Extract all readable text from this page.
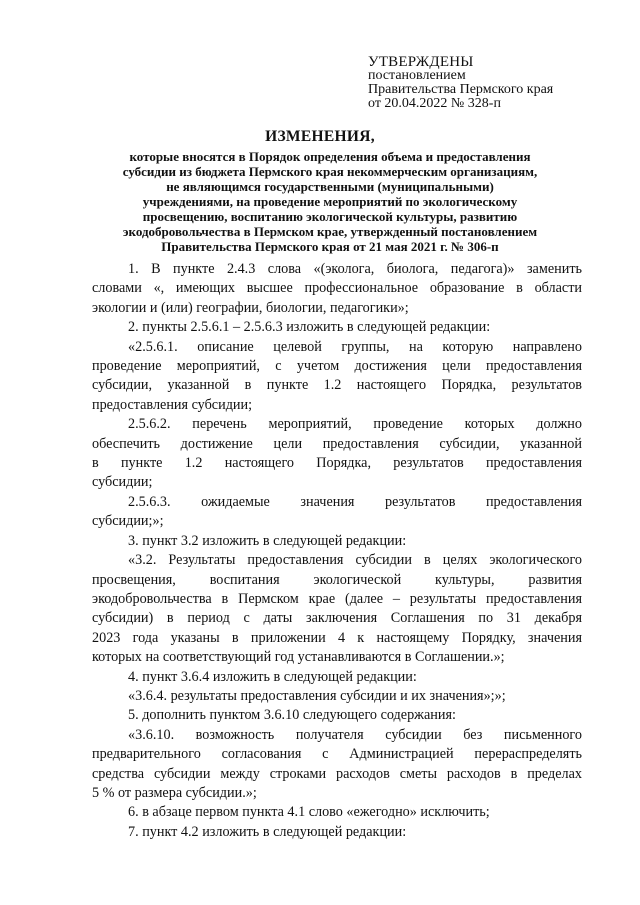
УТВЕРЖДЕНЫ
постановлением
Правительства Пермского края
от 20.04.2022 № 328-п
ИЗМЕНЕНИЯ,
которые вносятся в Порядок определения объема и предоставления
субсидии из бюджета Пермского края некоммерческим организациям,
не являющимся государственными (муниципальными)
учреждениями, на проведение мероприятий по экологическому
просвещению, воспитанию экологической культуры, развитию
экодобровольчества в Пермском крае, утвержденный постановлением
Правительства Пермского края от 21 мая 2021 г. № 306-п
1. В пункте 2.4.3 слова «(эколога, биолога, педагога)» заменить
словами «, имеющих высшее профессиональное образование в области
экологии и (или) географии, биологии, педагогики»;
2. пункты 2.5.6.1 – 2.5.6.3 изложить в следующей редакции:
«2.5.6.1. описание целевой группы, на которую направлено
проведение мероприятий, с учетом достижения цели предоставления
субсидии, указанной в пункте 1.2 настоящего Порядка, результатов
предоставления субсидии;
2.5.6.2. перечень мероприятий, проведение которых должно
обеспечить достижение цели предоставления субсидии, указанной
в пункте 1.2 настоящего Порядка, результатов предоставления
субсидии;
2.5.6.3. ожидаемые значения результатов предоставления
субсидии;»;
3. пункт 3.2 изложить в следующей редакции:
«3.2. Результаты предоставления субсидии в целях экологического
просвещения, воспитания экологической культуры, развития
экодобровольчества в Пермском крае (далее – результаты предоставления
субсидии) в период с даты заключения Соглашения по 31 декабря
2023 года указаны в приложении 4 к настоящему Порядку, значения
которых на соответствующий год устанавливаются в Соглашении.»;
4. пункт 3.6.4 изложить в следующей редакции:
«3.6.4. результаты предоставления субсидии и их значения»;»;
5. дополнить пунктом 3.6.10 следующего содержания:
«3.6.10. возможность получателя субсидии без письменного
предварительного согласования с Администрацией перераспределять
средства субсидии между строками расходов сметы расходов в пределах
5 % от размера субсидии.»;
6. в абзаце первом пункта 4.1 слово «ежегодно» исключить;
7. пункт 4.2 изложить в следующей редакции:
